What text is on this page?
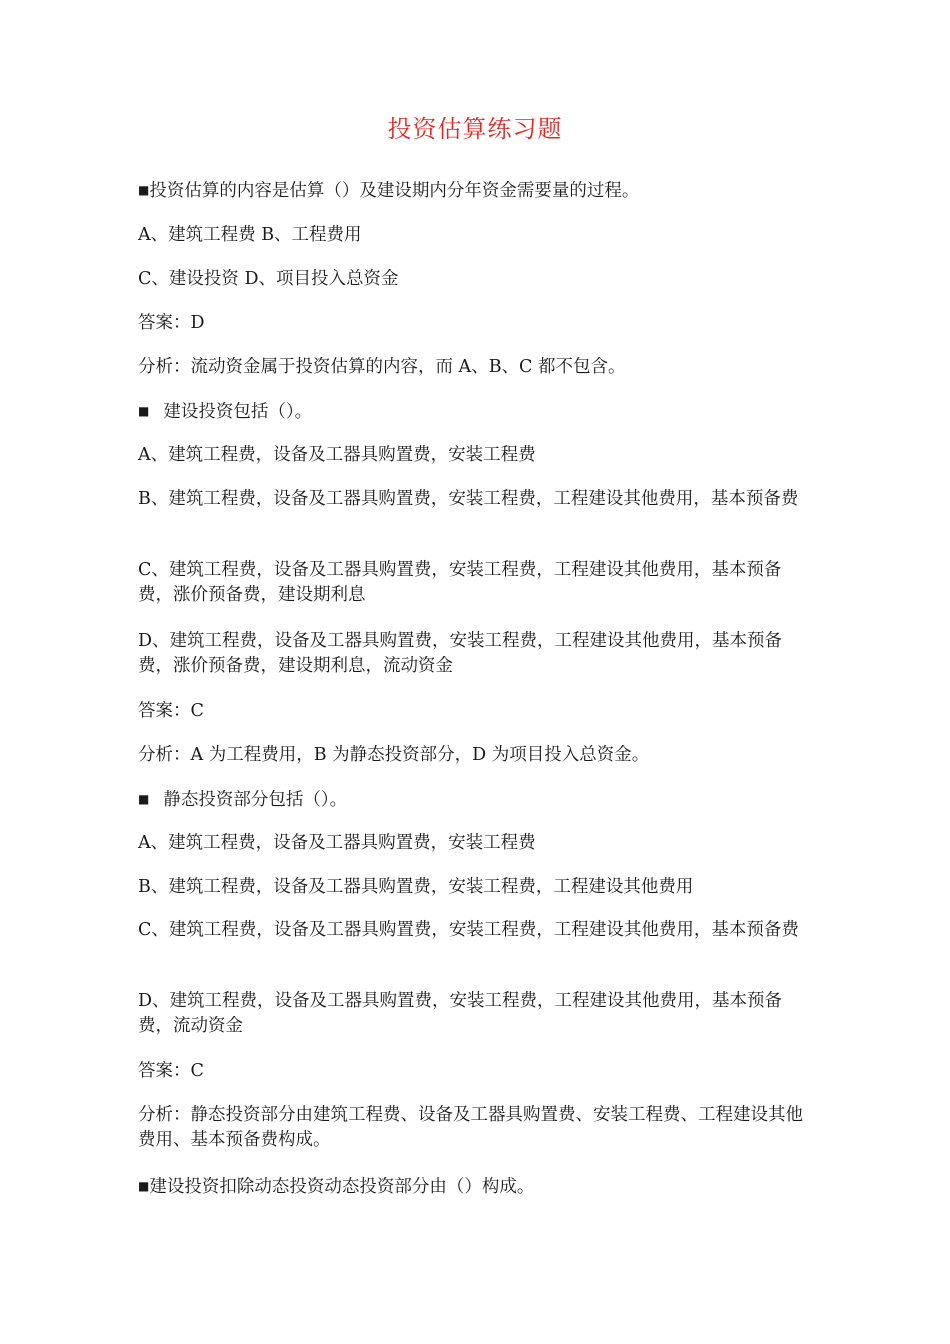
投资估算练习题
■投资估算的内容是估算（）及建设期内分年资金需要量的过程。
A、建筑工程费 B、工程费用
C、建设投资 D、项目投入总资金
答案：D
分析：流动资金属于投资估算的内容，而 A、B、C 都不包含。
■ 建设投资包括（）。
A、建筑工程费，设备及工器具购置费，安装工程费
B、建筑工程费，设备及工器具购置费，安装工程费，工程建设其他费用，基本预备费
C、建筑工程费，设备及工器具购置费，安装工程费，工程建设其他费用，基本预备费，涨价预备费，建设期利息
D、建筑工程费，设备及工器具购置费，安装工程费，工程建设其他费用，基本预备费，涨价预备费，建设期利息，流动资金
答案：C
分析：A 为工程费用，B 为静态投资部分，D 为项目投入总资金。
■ 静态投资部分包括（）。
A、建筑工程费，设备及工器具购置费，安装工程费
B、建筑工程费，设备及工器具购置费，安装工程费，工程建设其他费用
C、建筑工程费，设备及工器具购置费，安装工程费，工程建设其他费用，基本预备费
D、建筑工程费，设备及工器具购置费，安装工程费，工程建设其他费用，基本预备费，流动资金
答案：C
分析：静态投资部分由建筑工程费、设备及工器具购置费、安装工程费、工程建设其他费用、基本预备费构成。
■建设投资扣除动态投资动态投资部分由（）构成。
